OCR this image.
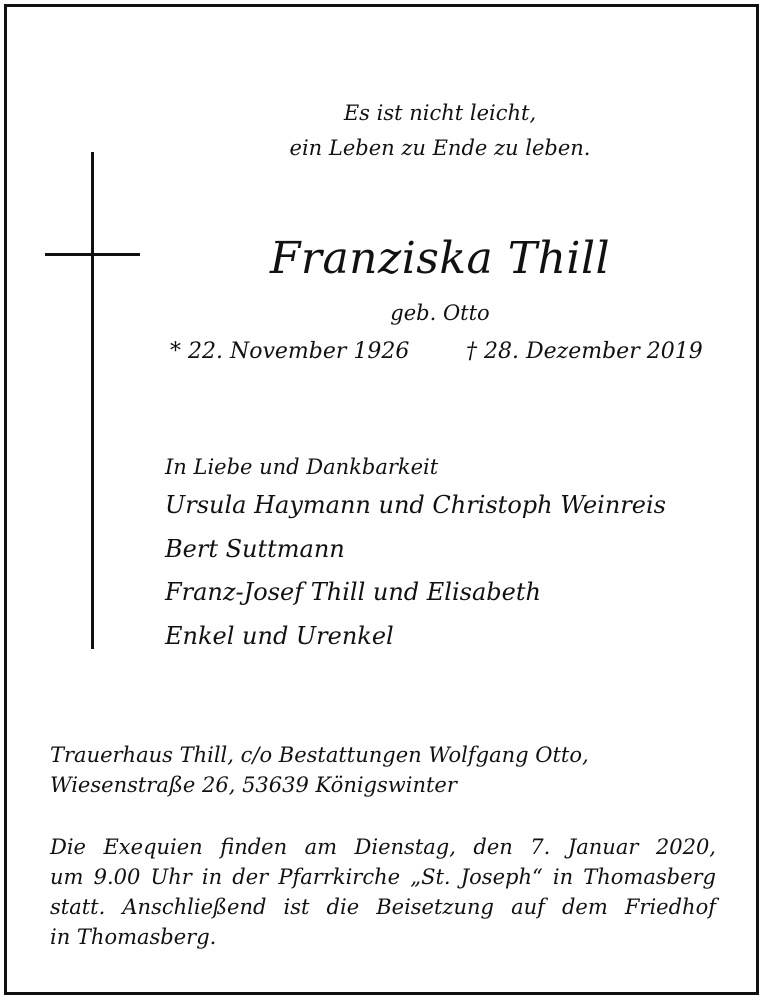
Es ist nicht leicht,
ein Leben zu Ende zu leben.
Franziska Thill
geb. Otto
* 22. November 1926	† 28. Dezember 2019
In Liebe und Dankbarkeit
Ursula Haymann und Christoph Weinreis
Bert Suttmann
Franz-Josef Thill und Elisabeth
Enkel und Urenkel
Trauerhaus Thill, c/o Bestattungen Wolfgang Otto,
Wiesenstraße 26, 53639 Königswinter
Die Exequien finden am Dienstag, den 7. Januar 2020,
um 9.00 Uhr in der Pfarrkirche „St. Joseph“ in Thomasberg
statt. Anschließend ist die Beisetzung auf dem Friedhof
in Thomasberg.
